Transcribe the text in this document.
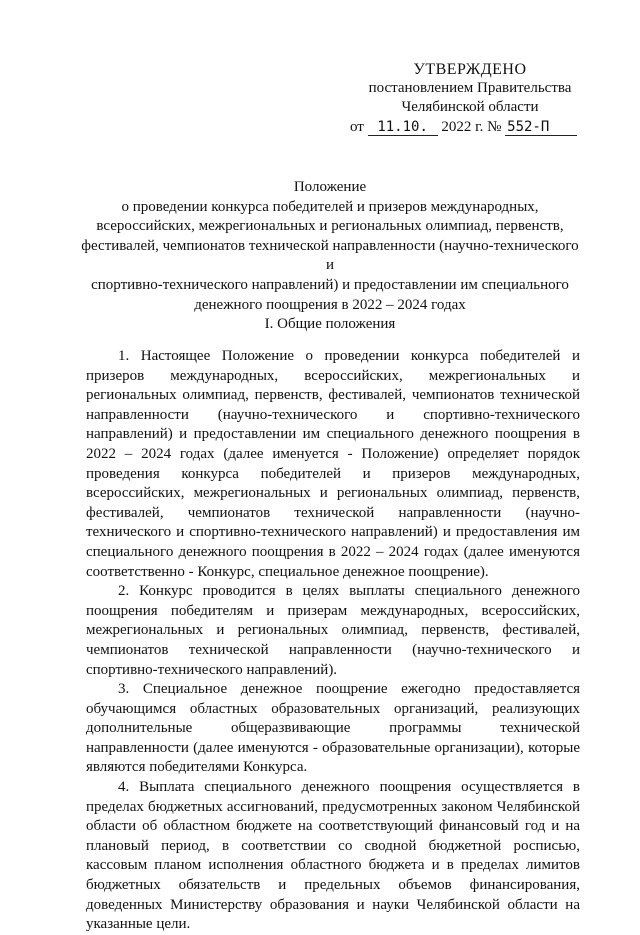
УТВЕРЖДЕНО
постановлением Правительства
Челябинской области
от 11.10. 2022 г. № 552-П
Положение
о проведении конкурса победителей и призеров международных,
всероссийских, межрегиональных и региональных олимпиад, первенств,
фестивалей, чемпионатов технической направленности (научно-технического и
спортивно-технического направлений) и предоставлении им специального
денежного поощрения в 2022 – 2024 годах
I. Общие положения

1. Настоящее Положение о проведении конкурса победителей и призеров международных, всероссийских, межрегиональных и региональных олимпиад, первенств, фестивалей, чемпионатов технической направленности (научно-технического и спортивно-технического направлений) и предоставлении им специального денежного поощрения в 2022 – 2024 годах (далее именуется - Положение) определяет порядок проведения конкурса победителей и призеров международных, всероссийских, межрегиональных и региональных олимпиад, первенств, фестивалей, чемпионатов технической направленности (научно-технического и спортивно-технического направлений) и предоставления им специального денежного поощрения в 2022 – 2024 годах (далее именуются соответственно - Конкурс, специальное денежное поощрение).

2. Конкурс проводится в целях выплаты специального денежного поощрения победителям и призерам международных, всероссийских, межрегиональных и региональных олимпиад, первенств, фестивалей, чемпионатов технической направленности (научно-технического и спортивно-технического направлений).

3. Специальное денежное поощрение ежегодно предоставляется обучающимся областных образовательных организаций, реализующих дополнительные общеразвивающие программы технической направленности (далее именуются - образовательные организации), которые являются победителями Конкурса.

4. Выплата специального денежного поощрения осуществляется в пределах бюджетных ассигнований, предусмотренных законом Челябинской области об областном бюджете на соответствующий финансовый год и на плановый период, в соответствии со сводной бюджетной росписью, кассовым планом исполнения областного бюджета и в пределах лимитов бюджетных обязательств и предельных объемов финансирования, доведенных Министерству образования и науки Челябинской области на указанные цели.
